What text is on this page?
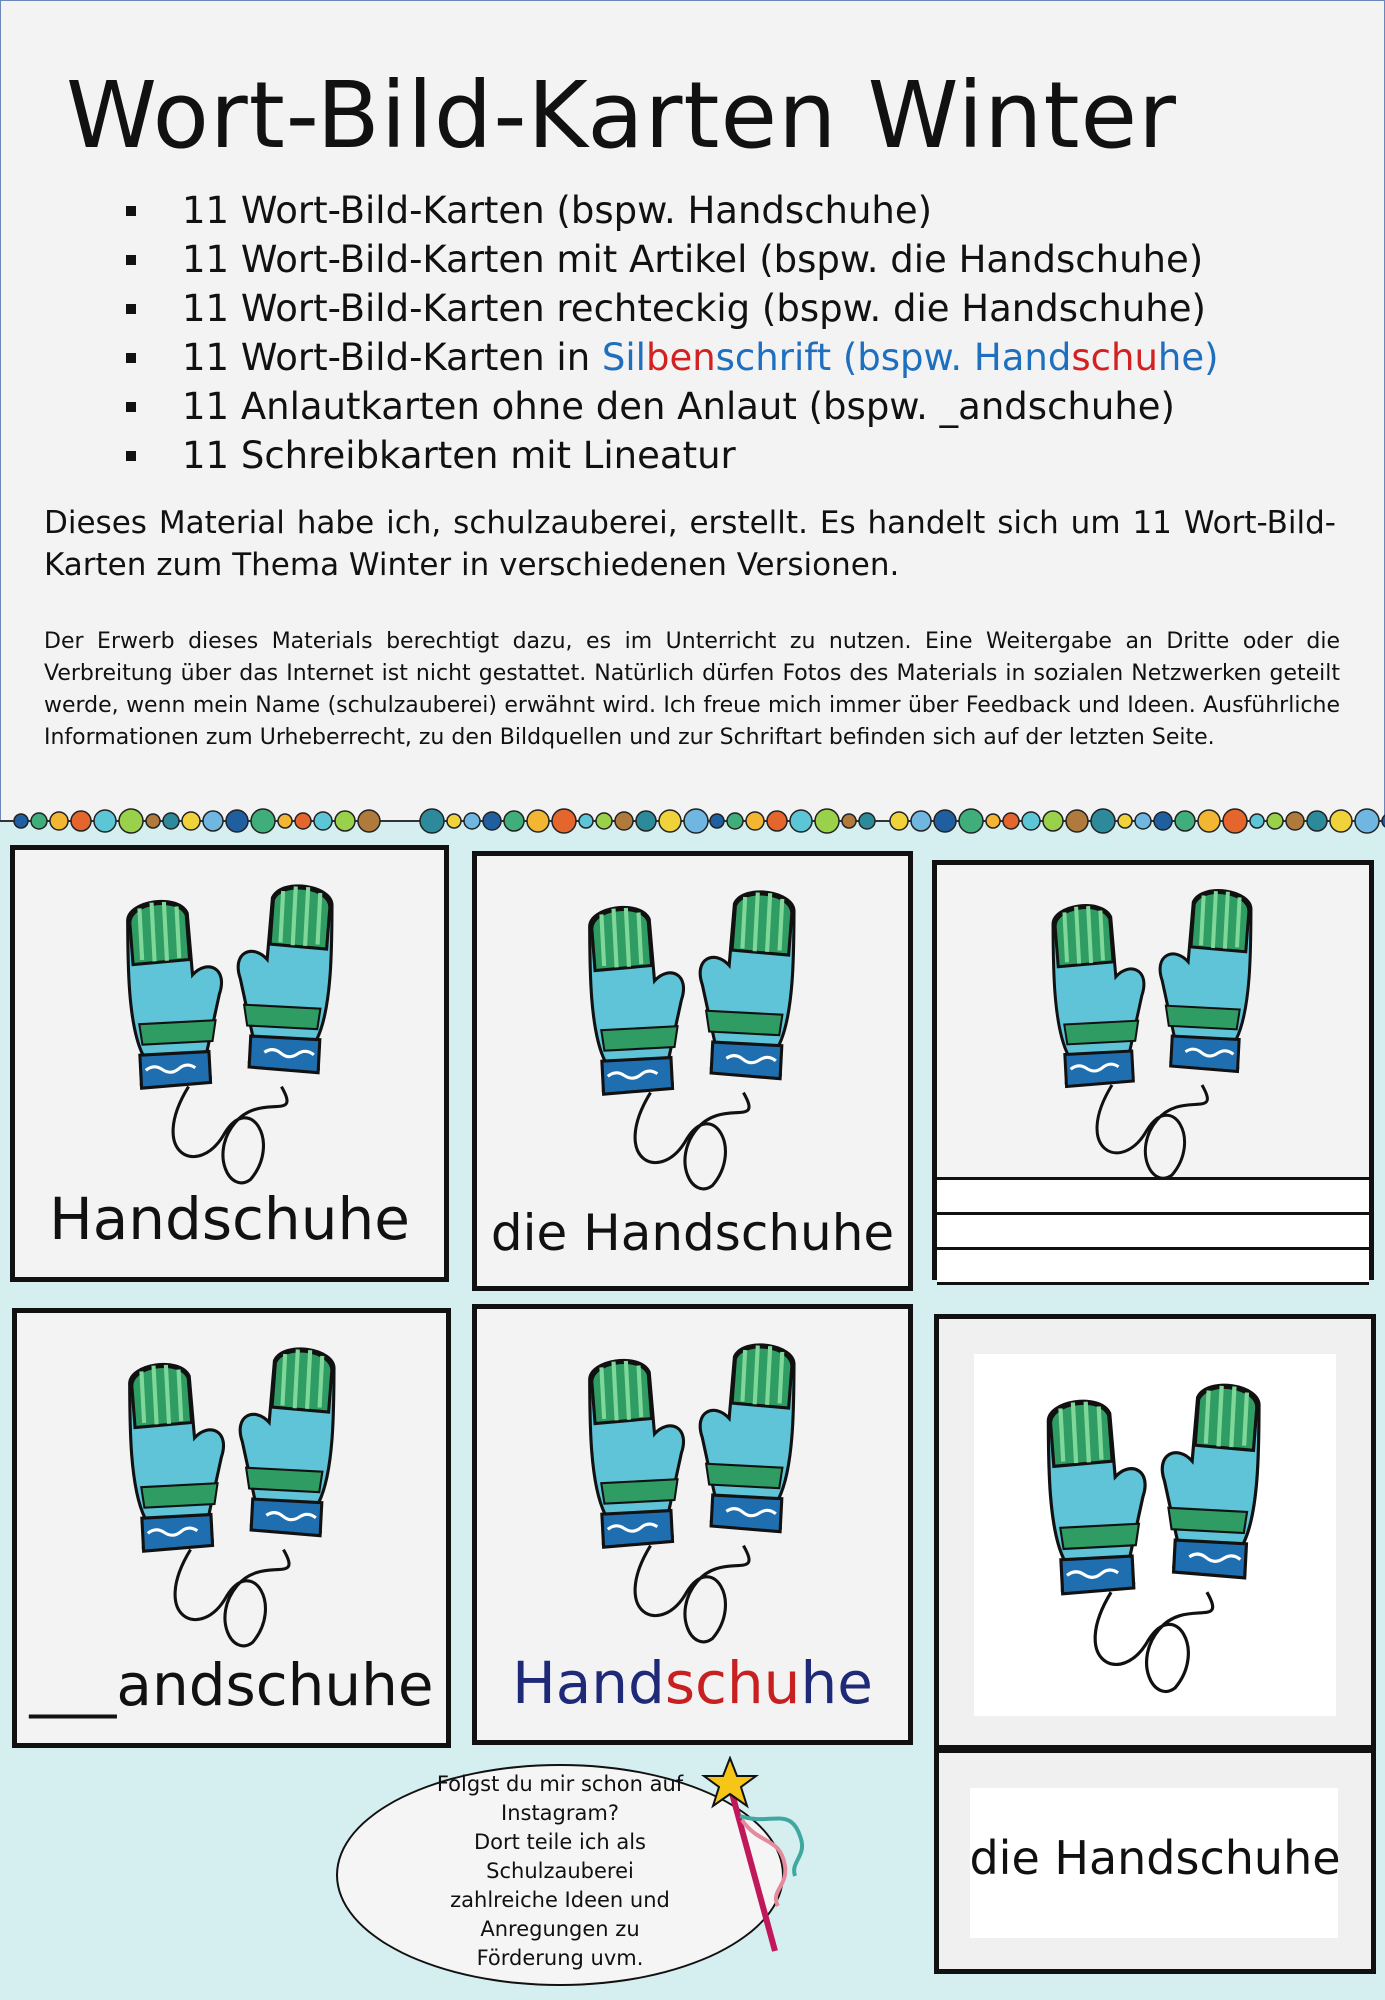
Wort-Bild-Karten Winter
11 Wort-Bild-Karten (bspw. Handschuhe)
11 Wort-Bild-Karten mit Artikel (bspw. die Handschuhe)
11 Wort-Bild-Karten rechteckig (bspw. die Handschuhe)
11 Wort-Bild-Karten in Silbenschrift (bspw. Handschuhe)
11 Anlautkarten ohne den Anlaut (bspw. _andschuhe)
11 Schreibkarten mit Lineatur
Dieses Material habe ich, schulzauberei, erstellt. Es handelt sich um 11 Wort-Bild-Karten zum Thema Winter in verschiedenen Versionen.
Der Erwerb dieses Materials berechtigt dazu, es im Unterricht zu nutzen. Eine Weitergabe an Dritte oder die Verbreitung über das Internet ist nicht gestattet. Natürlich dürfen Fotos des Materials in sozialen Netzwerken geteilt werde, wenn mein Name (schulzauberei) erwähnt wird. Ich freue mich immer über Feedback und Ideen. Ausführliche Informationen zum Urheberrecht, zu den Bildquellen und zur Schriftart befinden sich auf der letzten Seite.
Handschuhe	die Handschuhe
___andschuhe	Handschuhe
die Handschuhe
Folgst du mir schon auf
Instagram?
Dort teile ich als
Schulzauberei
zahlreiche Ideen und
Anregungen zu
Förderung uvm.
